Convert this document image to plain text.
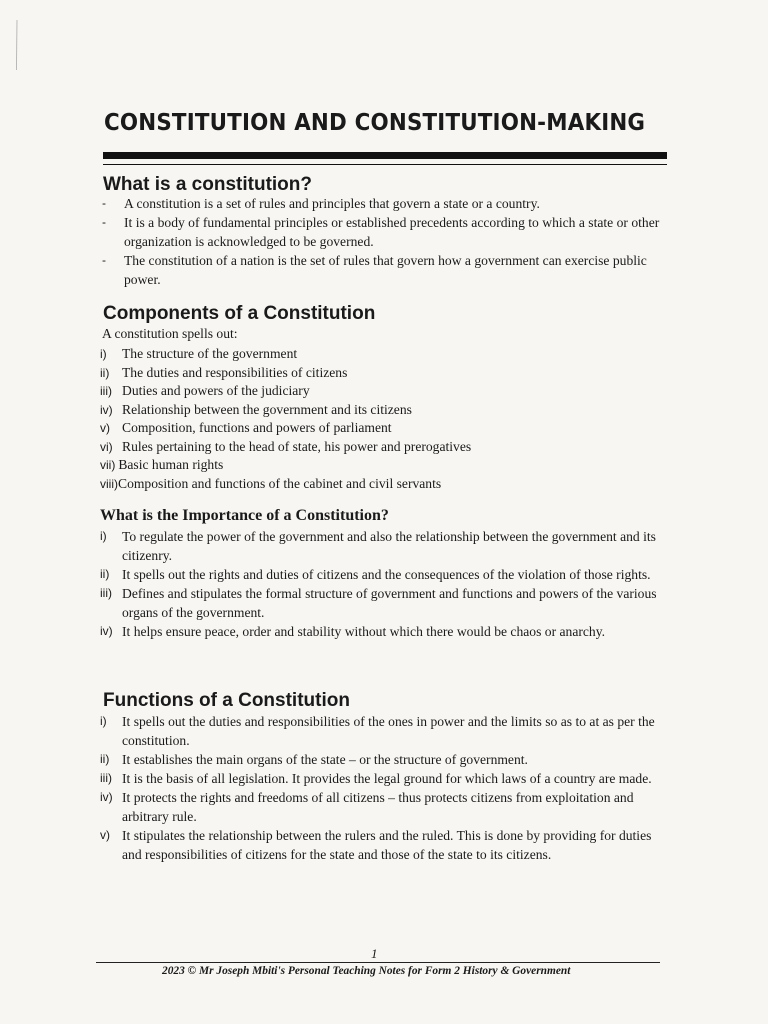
CONSTITUTION AND CONSTITUTION-MAKING
What is a constitution?
-	A constitution is a set of rules and principles that govern a state or a country.
-	It is a body of fundamental principles or established precedents according to which a state or other organization is acknowledged to be governed.
-	The constitution of a nation is the set of rules that govern how a government can exercise public power.
Components of a Constitution
A constitution spells out:
i)	The structure of the government
ii) The duties and responsibilities of citizens
iii) Duties and powers of the judiciary
iv) Relationship between the government and its citizens
v) Composition, functions and powers of parliament
vi) Rules pertaining to the head of state, his power and prerogatives
vii) Basic human rights
viii) Composition and functions of the cabinet and civil servants
What is the Importance of a Constitution?
i)	To regulate the power of the government and also the relationship between the government and its citizenry.
ii) It spells out the rights and duties of citizens and the consequences of the violation of those rights.
iii) Defines and stipulates the formal structure of government and functions and powers of the various organs of the government.
iv) It helps ensure peace, order and stability without which there would be chaos or anarchy.
Functions of a Constitution
i)	It spells out the duties and responsibilities of the ones in power and the limits so as to at as per the constitution.
ii) It establishes the main organs of the state – or the structure of government.
iii) It is the basis of all legislation. It provides the legal ground for which laws of a country are made.
iv) It protects the rights and freedoms of all citizens – thus protects citizens from exploitation and arbitrary rule.
v) It stipulates the relationship between the rulers and the ruled. This is done by providing for duties and responsibilities of citizens for the state and those of the state to its citizens.
1
2023 © Mr Joseph Mbiti's Personal Teaching Notes for Form 2 History & Government
